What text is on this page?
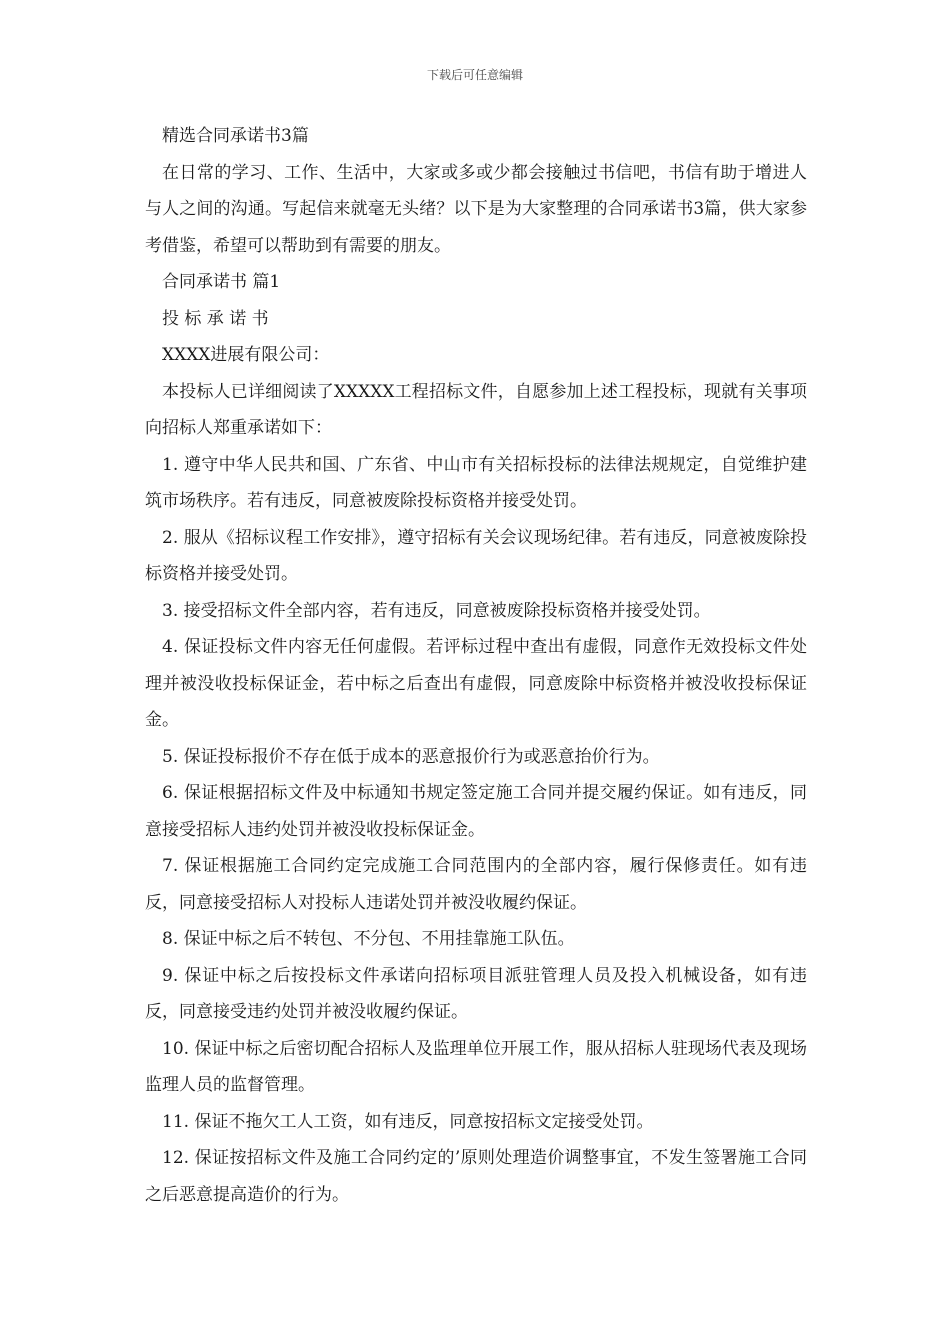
下载后可任意编辑

精选合同承诺书3篇

在日常的学习、工作、生活中，大家或多或少都会接触过书信吧，书信有助于增进人与人之间的沟通。写起信来就毫无头绪？以下是为大家整理的合同承诺书3篇，供大家参考借鉴，希望可以帮助到有需要的朋友。

合同承诺书 篇1

投 标 承 诺 书

XXXX进展有限公司：

本投标人已详细阅读了XXXXX工程招标文件，自愿参加上述工程投标，现就有关事项向招标人郑重承诺如下：

1. 遵守中华人民共和国、广东省、中山市有关招标投标的法律法规规定，自觉维护建筑市场秩序。若有违反，同意被废除投标资格并接受处罚。

2. 服从《招标议程工作安排》，遵守招标有关会议现场纪律。若有违反，同意被废除投标资格并接受处罚。

3. 接受招标文件全部内容，若有违反，同意被废除投标资格并接受处罚。

4. 保证投标文件内容无任何虚假。若评标过程中查出有虚假，同意作无效投标文件处理并被没收投标保证金，若中标之后查出有虚假，同意废除中标资格并被没收投标保证金。

5. 保证投标报价不存在低于成本的恶意报价行为或恶意抬价行为。

6. 保证根据招标文件及中标通知书规定签定施工合同并提交履约保证。如有违反，同意接受招标人违约处罚并被没收投标保证金。

7. 保证根据施工合同约定完成施工合同范围内的全部内容，履行保修责任。如有违反，同意接受招标人对投标人违诺处罚并被没收履约保证。

8. 保证中标之后不转包、不分包、不用挂靠施工队伍。

9. 保证中标之后按投标文件承诺向招标项目派驻管理人员及投入机械设备，如有违反，同意接受违约处罚并被没收履约保证。

10. 保证中标之后密切配合招标人及监理单位开展工作，服从招标人驻现场代表及现场监理人员的监督管理。

11. 保证不拖欠工人工资，如有违反，同意按招标文定接受处罚。

12. 保证按招标文件及施工合同约定的’原则处理造价调整事宜，不发生签署施工合同之后恶意提高造价的行为。
